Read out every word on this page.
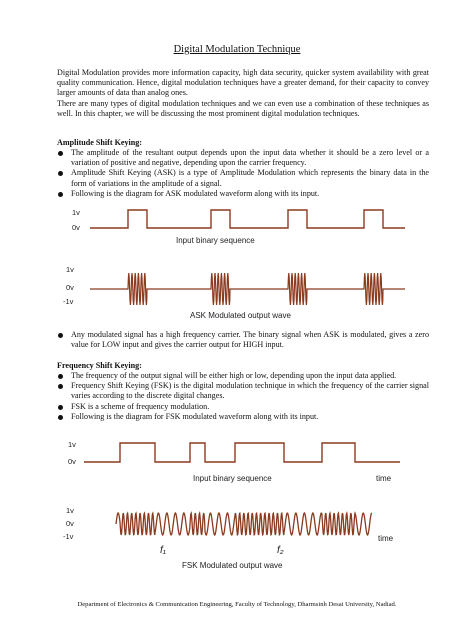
Digital Modulation Technique

Digital Modulation provides more information capacity, high data security, quicker system availability with great quality communication. Hence, digital modulation techniques have a greater demand, for their capacity to convey larger amounts of data than analog ones.

There are many types of digital modulation techniques and we can even use a combination of these techniques as well. In this chapter, we will be discussing the most prominent digital modulation techniques.

Amplitude Shift Keying:

The amplitude of the resultant output depends upon the input data whether it should be a zero level or a variation of positive and negative, depending upon the carrier frequency.
Amplitude Shift Keying (ASK) is a type of Amplitude Modulation which represents the binary data in the form of variations in the amplitude of a signal.
Following is the diagram for ASK modulated waveform along with its input.
Any modulated signal has a high frequency carrier. The binary signal when ASK is modulated, gives a zero value for LOW input and gives the carrier output for HIGH input.

Frequency Shift Keying:

The frequency of the output signal will be either high or low, depending upon the input data applied.
Frequency Shift Keying (FSK) is the digital modulation technique in which the frequency of the carrier signal varies according to the discrete digital changes.
FSK is a scheme of frequency modulation.
Following is the diagram for FSK modulated waveform along with its input.
1v
0v
Input binary sequence
1v
0v
-1v
ASK Modulated output wave
1v
0v
Input binary sequence	time
1v
0v
-1v	time
f₁	f₂
FSK Modulated output wave
Department of Electronics & Communication Engineering, Faculty of Technology, Dharmsinh Desai University, Nadiad.
